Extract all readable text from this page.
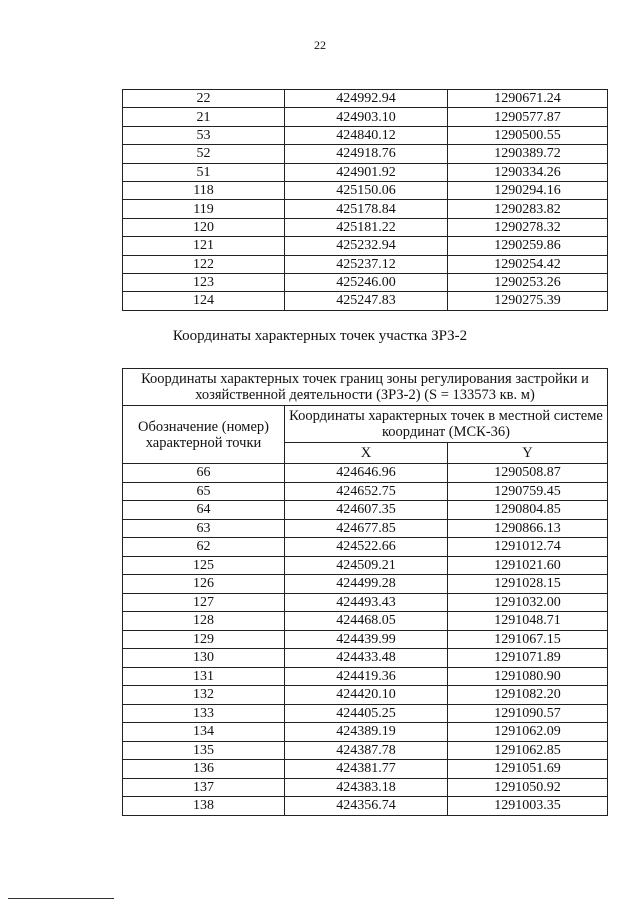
22
22	424992.94	1290671.24
21	424903.10	1290577.87
53	424840.12	1290500.55
52	424918.76	1290389.72
51	424901.92	1290334.26
118	425150.06	1290294.16
119	425178.84	1290283.82
120	425181.22	1290278.32
121	425232.94	1290259.86
122	425237.12	1290254.42
123	425246.00	1290253.26
124	425247.83	1290275.39
Координаты характерных точек участка ЗРЗ-2
Координаты характерных точек границ зоны регулирования застройки и хозяйственной деятельности (ЗРЗ-2) (S = 133573 кв. м)		
Обозначение (номер) характерной точки	Координаты характерных точек в местной системе координат (МСК-36)	
	X	Y
66	424646.96	1290508.87
65	424652.75	1290759.45
64	424607.35	1290804.85
63	424677.85	1290866.13
62	424522.66	1291012.74
125	424509.21	1291021.60
126	424499.28	1291028.15
127	424493.43	1291032.00
128	424468.05	1291048.71
129	424439.99	1291067.15
130	424433.48	1291071.89
131	424419.36	1291080.90
132	424420.10	1291082.20
133	424405.25	1291090.57
134	424389.19	1291062.09
135	424387.78	1291062.85
136	424381.77	1291051.69
137	424383.18	1291050.92
138	424356.74	1291003.35
